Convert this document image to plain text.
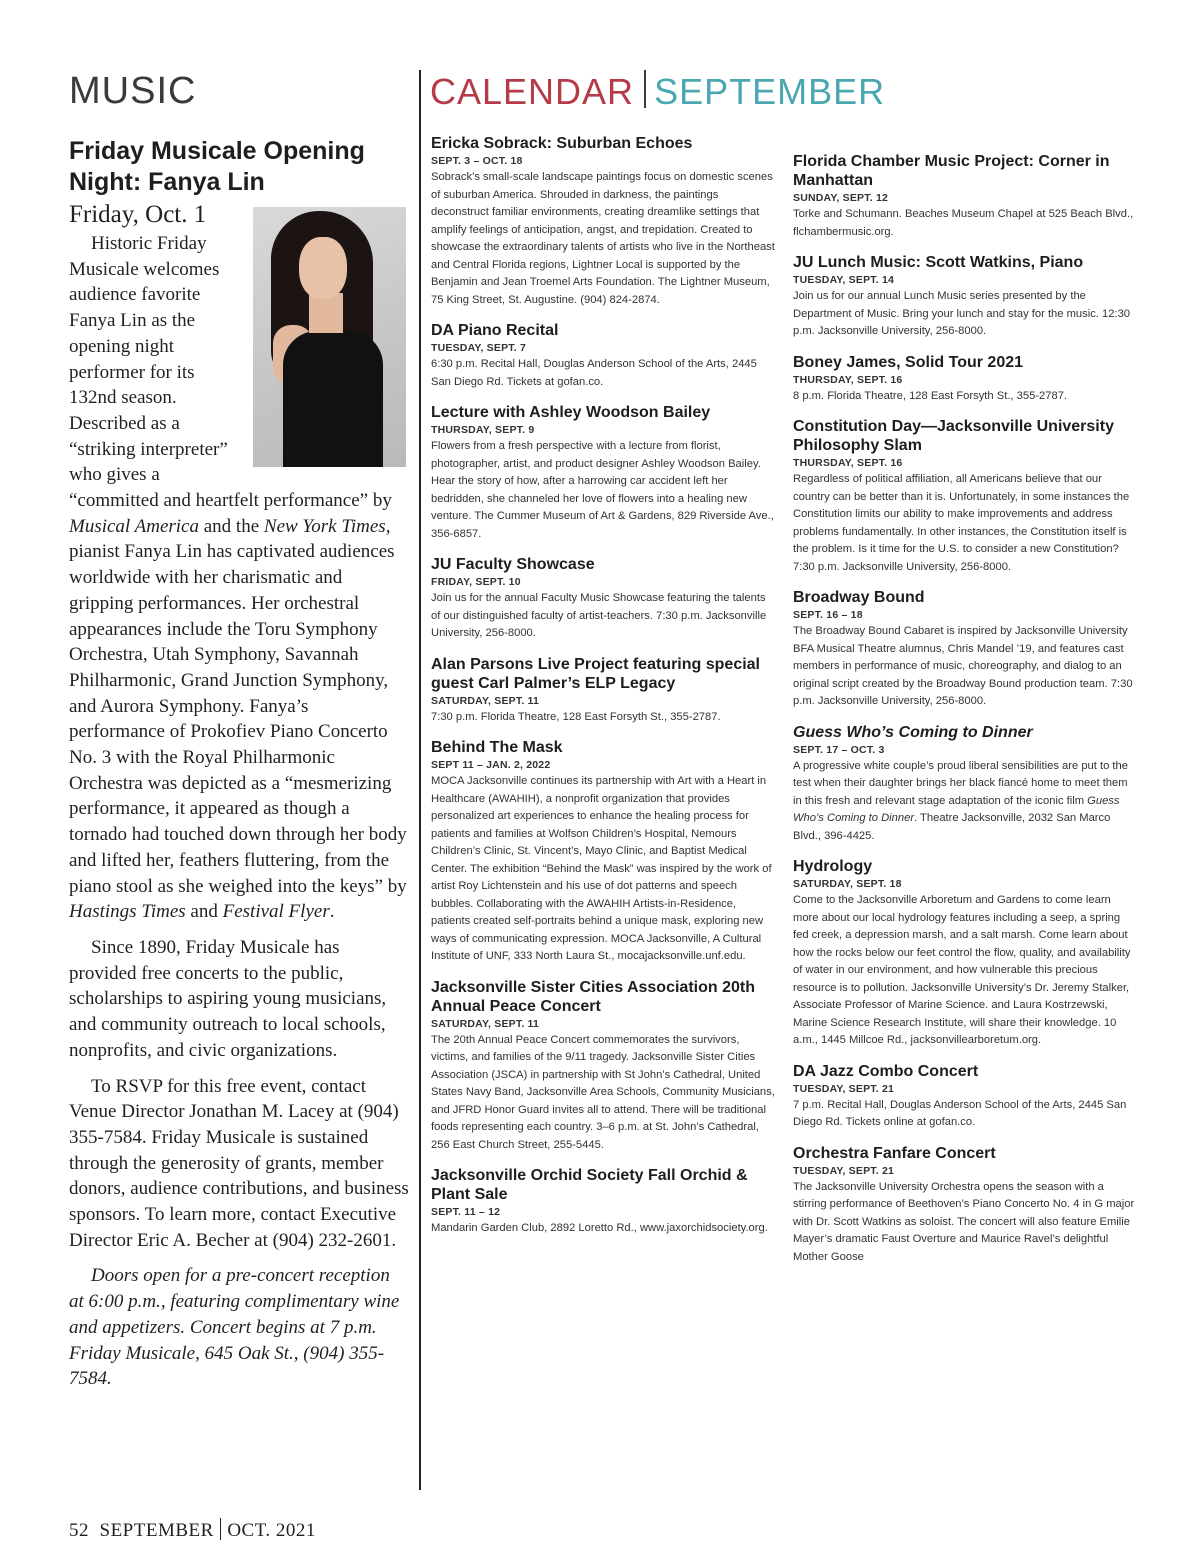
MUSIC	CALENDAR SEPTEMBER
Friday Musicale Opening Night: Fanya Lin
Friday, Oct. 1

Historic Friday Musicale welcomes audience favorite Fanya Lin as the opening night performer for its 132nd season. Described as a “striking interpreter” who gives a “committed and heartfelt performance” by Musical America and the New York Times, pianist Fanya Lin has captivated audiences worldwide with her charismatic and gripping performances. Her orchestral appearances include the Toru Symphony Orchestra, Utah Symphony, Savannah Philharmonic, Grand Junction Symphony, and Aurora Symphony. Fanya’s performance of Prokofiev Piano Concerto No. 3 with the Royal Philharmonic Orchestra was depicted as a “mesmerizing performance, it appeared as though a tornado had touched down through her body and lifted her, feathers fluttering, from the piano stool as she weighed into the keys” by Hastings Times and Festival Flyer.

Since 1890, Friday Musicale has provided free concerts to the public, scholarships to aspiring young musicians, and community outreach to local schools, nonprofits, and civic organizations.

To RSVP for this free event, contact Venue Director Jonathan M. Lacey at (904) 355-7584. Friday Musicale is sustained through the generosity of grants, member donors, audience contributions, and business sponsors. To learn more, contact Executive Director Eric A. Becher at (904) 232-2601.

Doors open for a pre-concert reception at 6:00 p.m., featuring complimentary wine and appetizers. Concert begins at 7 p.m. Friday Musicale, 645 Oak St., (904) 355-7584.

Ericka Sobrack: Suburban Echoes
SEPT. 3 – OCT. 18
Sobrack’s small-scale landscape paintings focus on domestic scenes of suburban America. Shrouded in darkness, the paintings deconstruct familiar environments, creating dreamlike settings that amplify feelings of anticipation, angst, and trepidation. Created to showcase the extraordinary talents of artists who live in the Northeast and Central Florida regions, Lightner Local is supported by the Benjamin and Jean Troemel Arts Foundation. The Lightner Museum, 75 King Street, St. Augustine. (904) 824-2874.
DA Piano Recital
TUESDAY, SEPT. 7
6:30 p.m. Recital Hall, Douglas Anderson School of the Arts, 2445 San Diego Rd. Tickets at gofan.co.
Lecture with Ashley Woodson Bailey
THURSDAY, SEPT. 9
Flowers from a fresh perspective with a lecture from florist, photographer, artist, and product designer Ashley Woodson Bailey. Hear the story of how, after a harrowing car accident left her bedridden, she channeled her love of flowers into a healing new venture. The Cummer Museum of Art & Gardens, 829 Riverside Ave., 356-6857.
JU Faculty Showcase
FRIDAY, SEPT. 10
Join us for the annual Faculty Music Showcase featuring the talents of our distinguished faculty of artist-teachers. 7:30 p.m. Jacksonville University, 256-8000.
Alan Parsons Live Project featuring special guest Carl Palmer’s ELP Legacy
SATURDAY, SEPT. 11
7:30 p.m. Florida Theatre, 128 East Forsyth St., 355-2787.
Behind The Mask
SEPT 11 – JAN. 2, 2022
MOCA Jacksonville continues its partnership with Art with a Heart in Healthcare (AWAHIH), a nonprofit organization that provides personalized art experiences to enhance the healing process for patients and families at Wolfson Children’s Hospital, Nemours Children’s Clinic, St. Vincent’s, Mayo Clinic, and Baptist Medical Center. The exhibition “Behind the Mask” was inspired by the work of artist Roy Lichtenstein and his use of dot patterns and speech bubbles. Collaborating with the AWAHIH Artists-in-Residence, patients created self-portraits behind a unique mask, exploring new ways of communicating expression. MOCA Jacksonville, A Cultural Institute of UNF, 333 North Laura St., mocajacksonville.unf.edu.
Jacksonville Sister Cities Association 20th Annual Peace Concert
SATURDAY, SEPT. 11
The 20th Annual Peace Concert commemorates the survivors, victims, and families of the 9/11 tragedy. Jacksonville Sister Cities Association (JSCA) in partnership with St John’s Cathedral, United States Navy Band, Jacksonville Area Schools, Community Musicians, and JFRD Honor Guard invites all to attend. There will be traditional foods representing each country. 3–6 p.m. at St. John’s Cathedral, 256 East Church Street, 255-5445.
Jacksonville Orchid Society Fall Orchid & Plant Sale
SEPT. 11 – 12
Mandarin Garden Club, 2892 Loretto Rd., www.jaxorchidsociety.org.
Florida Chamber Music Project: Corner in Manhattan
SUNDAY, SEPT. 12
Torke and Schumann. Beaches Museum Chapel at 525 Beach Blvd., flchambermusic.org.
JU Lunch Music: Scott Watkins, Piano
TUESDAY, SEPT. 14
Join us for our annual Lunch Music series presented by the Department of Music. Bring your lunch and stay for the music. 12:30 p.m. Jacksonville University, 256-8000.
Boney James, Solid Tour 2021
THURSDAY, SEPT. 16
8 p.m. Florida Theatre, 128 East Forsyth St., 355-2787.
Constitution Day—Jacksonville University Philosophy Slam
THURSDAY, SEPT. 16
Regardless of political affiliation, all Americans believe that our country can be better than it is. Unfortunately, in some instances the Constitution limits our ability to make improvements and address problems fundamentally. In other instances, the Constitution itself is the problem. Is it time for the U.S. to consider a new Constitution? 7:30 p.m. Jacksonville University, 256-8000.
Broadway Bound
SEPT. 16 – 18
The Broadway Bound Cabaret is inspired by Jacksonville University BFA Musical Theatre alumnus, Chris Mandel ’19, and features cast members in performance of music, choreography, and dialog to an original script created by the Broadway Bound production team. 7:30 p.m. Jacksonville University, 256-8000.
Guess Who’s Coming to Dinner
SEPT. 17 – OCT. 3
A progressive white couple’s proud liberal sensibilities are put to the test when their daughter brings her black fiancé home to meet them in this fresh and relevant stage adaptation of the iconic film Guess Who’s Coming to Dinner. Theatre Jacksonville, 2032 San Marco Blvd., 396-4425.
Hydrology
SATURDAY, SEPT. 18
Come to the Jacksonville Arboretum and Gardens to come learn more about our local hydrology features including a seep, a spring fed creek, a depression marsh, and a salt marsh. Come learn about how the rocks below our feet control the flow, quality, and availability of water in our environment, and how vulnerable this precious resource is to pollution. Jacksonville University’s Dr. Jeremy Stalker, Associate Professor of Marine Science. and Laura Kostrzewski, Marine Science Research Institute, will share their knowledge. 10 a.m., 1445 Millcoe Rd., jacksonvillearboretum.org.
DA Jazz Combo Concert
TUESDAY, SEPT. 21
7 p.m. Recital Hall, Douglas Anderson School of the Arts, 2445 San Diego Rd. Tickets online at gofan.co.
Orchestra Fanfare Concert
TUESDAY, SEPT. 21
The Jacksonville University Orchestra opens the season with a stirring performance of Beethoven’s Piano Concerto No. 4 in G major with Dr. Scott Watkins as soloist. The concert will also feature Emilie Mayer’s dramatic Faust Overture and Maurice Ravel’s delightful Mother Goose
52 SEPTEMBER OCT. 2021
